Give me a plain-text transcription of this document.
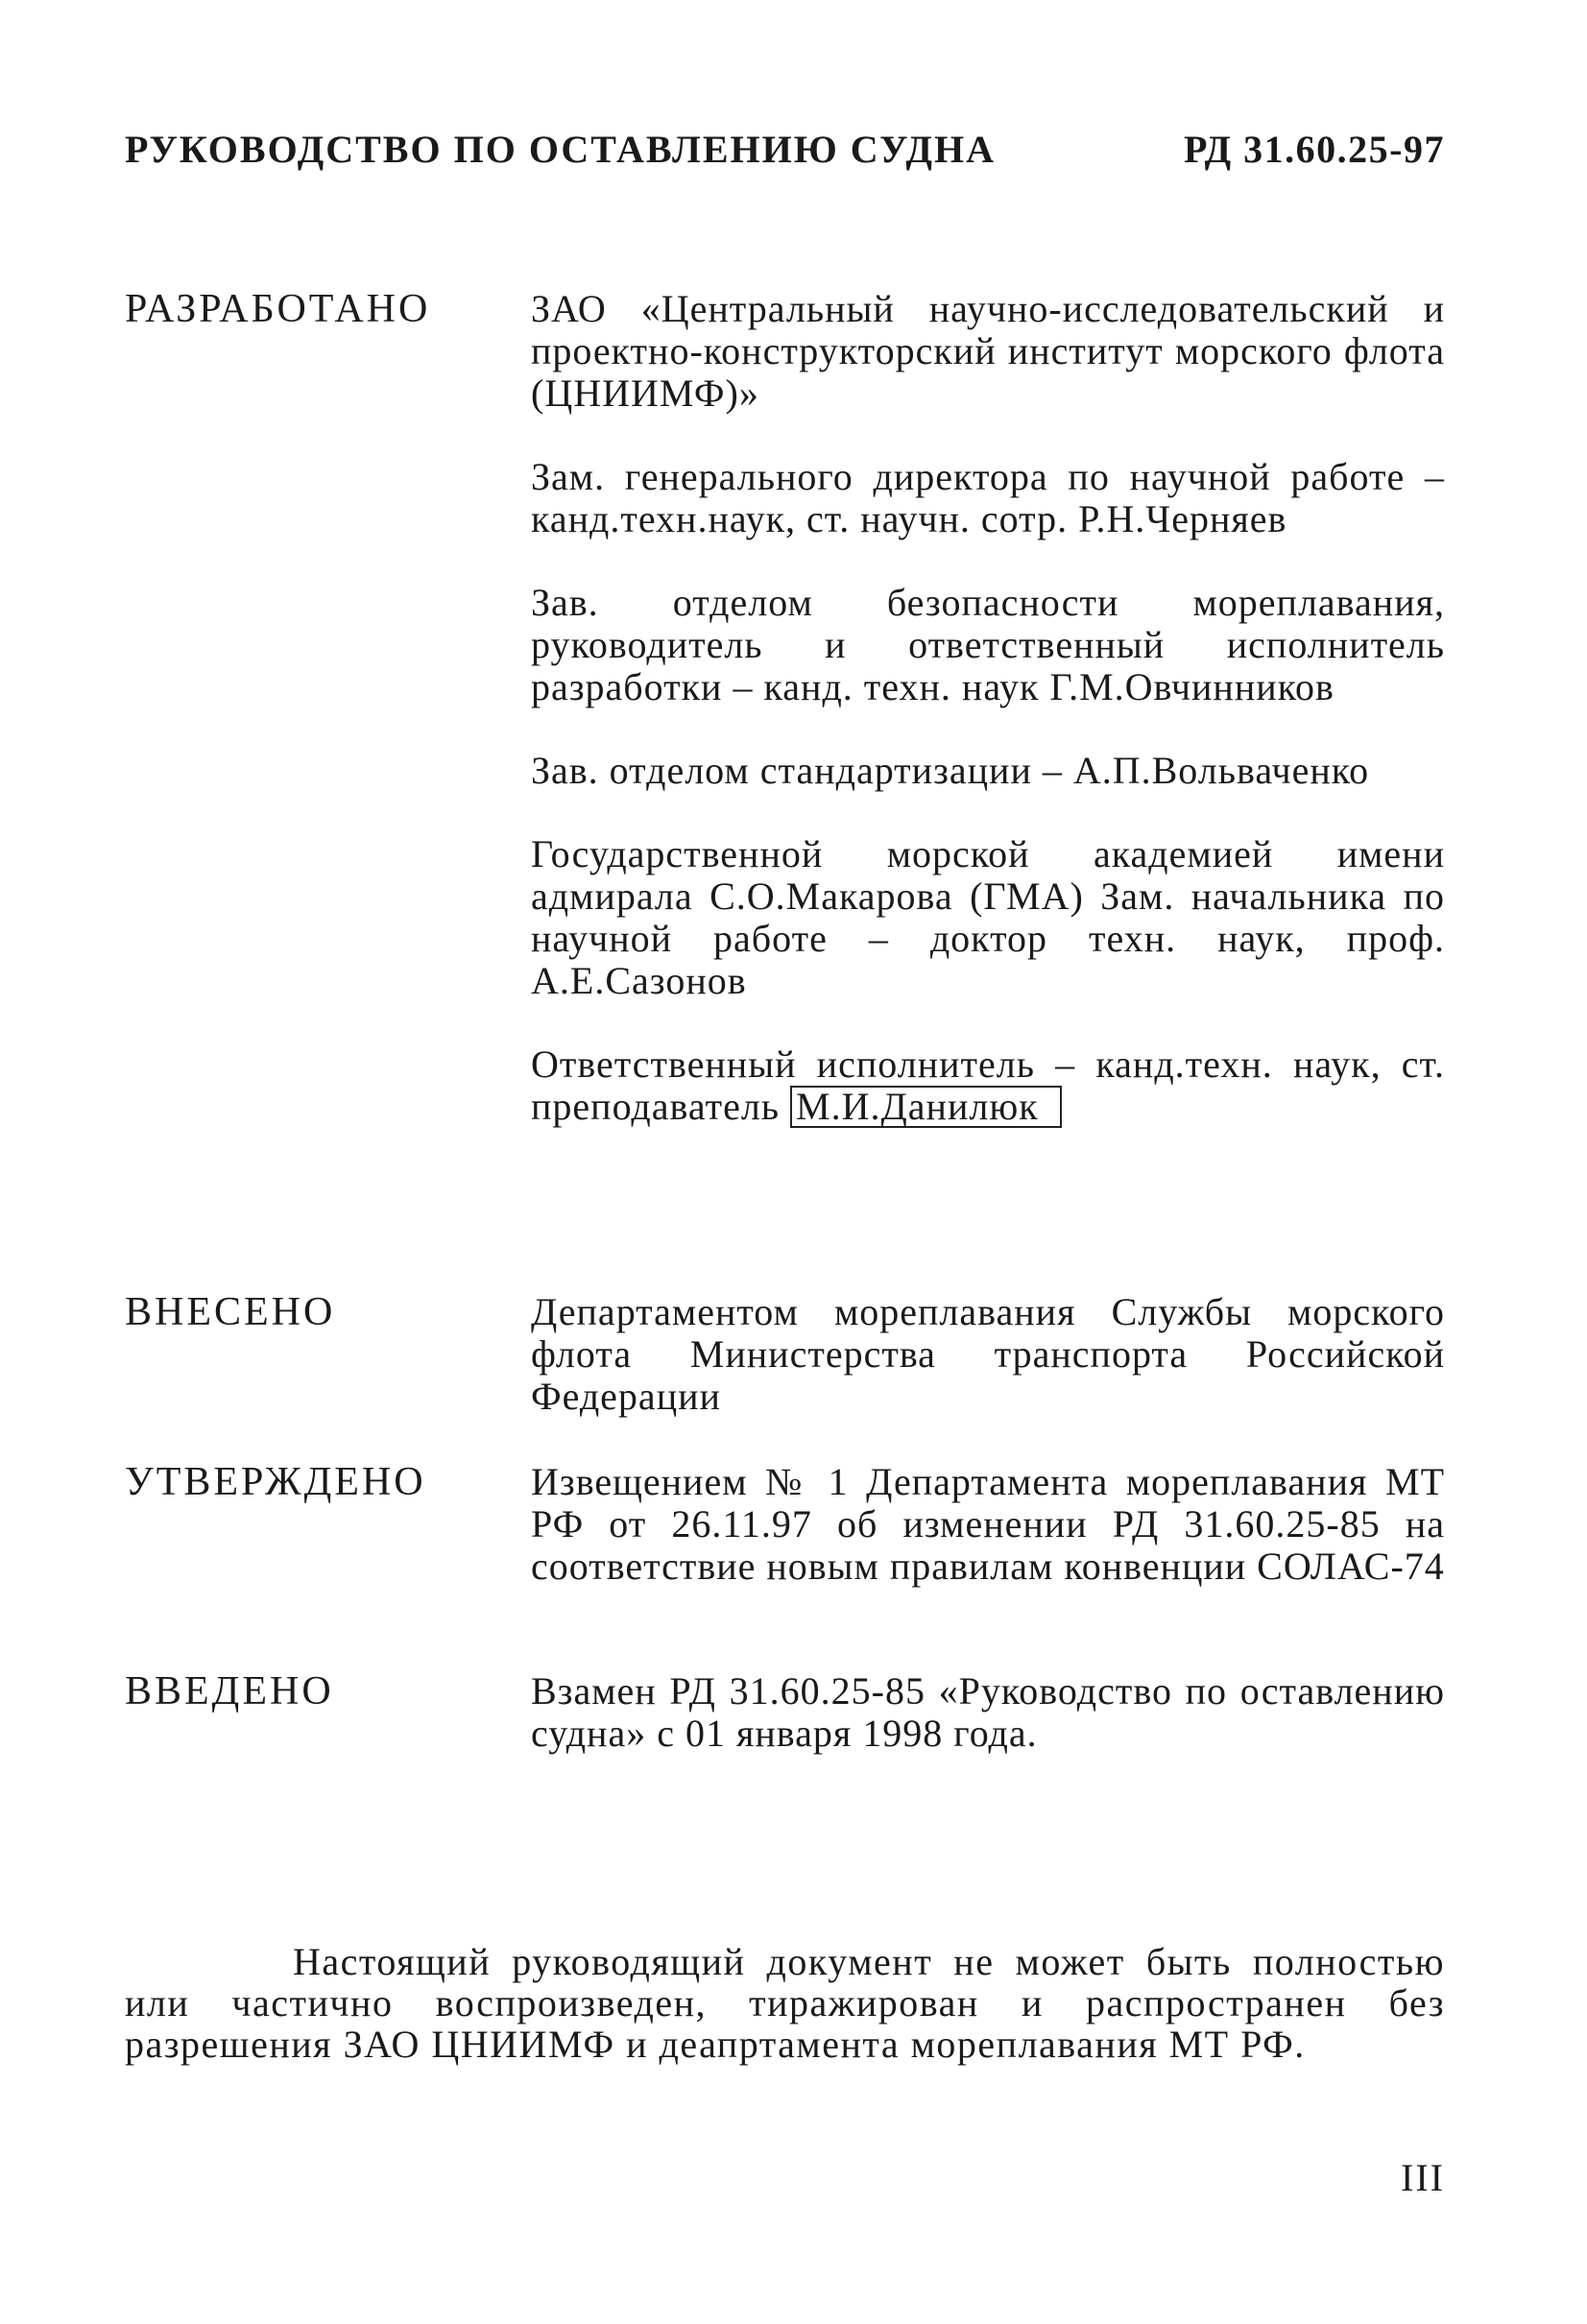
РУКОВОДСТВО ПО ОСТАВЛЕНИЮ СУДНА	РД 31.60.25-97
РАЗРАБОТАНО	ЗАО «Центральный научно-исследовательский и проектно-конструкторский институт морского флота (ЦНИИМФ)»
Зам. генерального директора по научной работе – канд.техн.наук, ст. научн. сотр. Р.Н.Черняев
Зав. отделом безопасности мореплавания, руководитель и ответственный исполнитель разработки – канд. техн. наук Г.М.Овчинников
Зав. отделом стандартизации – А.П.Вольваченко
Государственной морской академией имени адмирала С.О.Макарова (ГМА) Зам. начальника по научной работе – доктор техн. наук, проф. А.Е.Сазонов
Ответственный исполнитель – канд.техн. наук, ст. преподаватель М.И.Данилюк
ВНЕСЕНО	Департаментом мореплавания Службы морского флота Министерства транспорта Российской Федерации
УТВЕРЖДЕНО	Извещением № 1 Департамента мореплавания МТ РФ от 26.11.97 об изменении РД 31.60.25-85 на соответствие новым правилам конвенции СОЛАС-74
ВВЕДЕНО	Взамен РД 31.60.25-85 «Руководство по оставлению судна» с 01 января 1998 года.
Настоящий руководящий документ не может быть полностью или частично воспроизведен, тиражирован и распространен без разрешения ЗАО ЦНИИМФ и деапртамента мореплавания МТ РФ.
III
